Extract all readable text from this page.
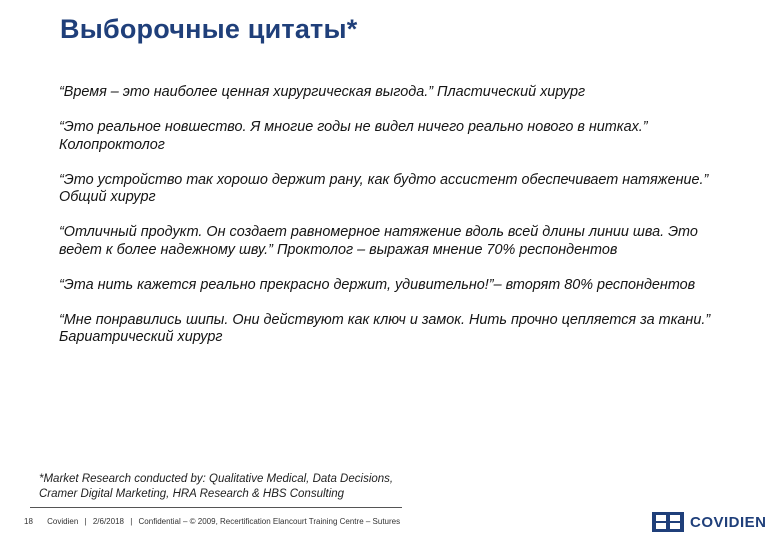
Выборочные цитаты*

“Время – это наиболее ценная хирургическая выгода.” Пластический хирург

“Это реальное новшество. Я многие годы не видел ничего реально нового в нитках.” Колопроктолог

“Это устройство так хорошо держит рану, как будто ассистент обеспечивает натяжение.” Общий хирург

“Отличный продукт. Он создает равномерное натяжение вдоль всей длины линии шва. Это ведет к более надежному шву.” Проктолог – выражая мнение 70% респондентов

“Эта нить кажется реально прекрасно держит, удивительно!”– вторят 80% респондентов

“Мне понравились шипы. Они действуют как ключ и замок. Нить прочно цепляется за ткани.” Бариатрический хирург

*Market Research conducted by: Qualitative Medical, Data Decisions,
Cramer Digital Marketing, HRA Research & HBS Consulting
18 Covidien | 2/6/2018 | Confidential – © 2009, Recertification Elancourt Training Centre – Sutures	COVIDIEN
